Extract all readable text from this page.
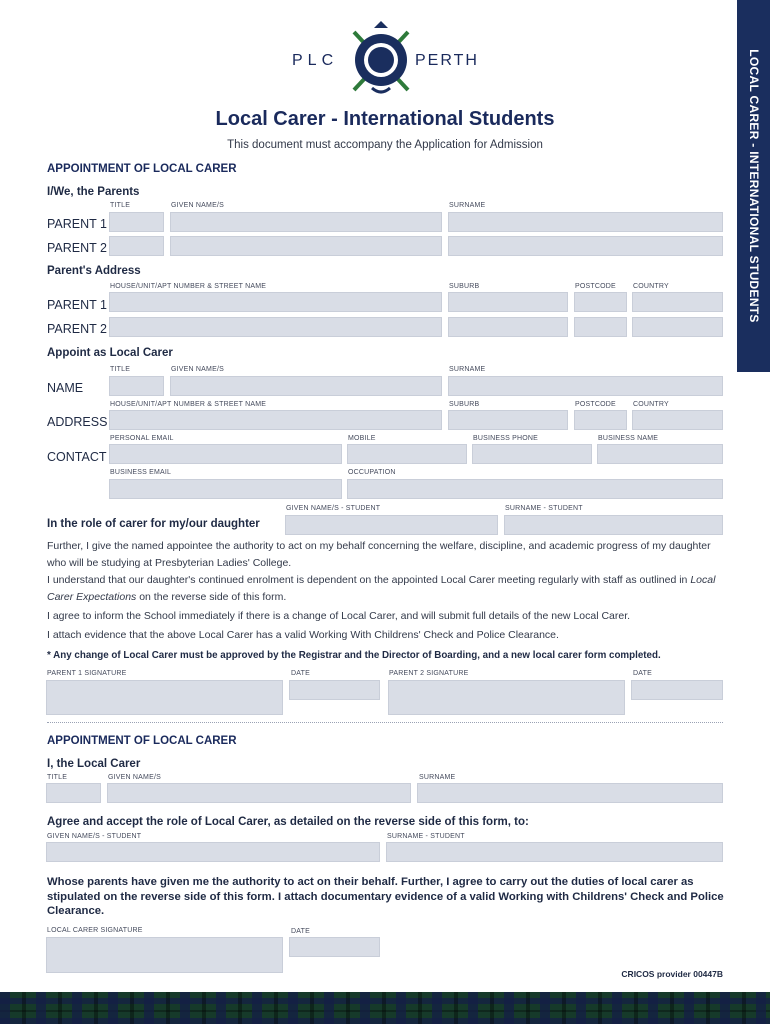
LOCAL CARER - INTERNATIONAL STUDENTS
PLC	PERTH
Local Carer - International Students
This document must accompany the Application for Admission
APPOINTMENT OF LOCAL CARER
I/We, the Parents
TITLE	GIVEN NAME/S	SURNAME
PARENT 1
PARENT 2
Parent's Address
HOUSE/UNIT/APT NUMBER & STREET NAME	SUBURB	POSTCODE COUNTRY
PARENT 1
PARENT 2
Appoint as Local Carer
TITLE	GIVEN NAME/S	SURNAME
NAME
HOUSE/UNIT/APT NUMBER & STREET NAME	SUBURB	POSTCODE COUNTRY
ADDRESS
PERSONAL EMAIL	MOBILE	BUSINESS PHONE	BUSINESS NAME
CONTACT
BUSINESS EMAIL	OCCUPATION
GIVEN NAME/S - STUDENT	SURNAME - STUDENT
In the role of carer for my/our daughter
Further, I give the named appointee the authority to act on my behalf concerning the welfare, discipline, and academic progress of my daughter who will be studying at Presbyterian Ladies' College.
I understand that our daughter's continued enrolment is dependent on the appointed Local Carer meeting regularly with staff as outlined in Local Carer Expectations on the reverse side of this form.
I agree to inform the School immediately if there is a change of Local Carer, and will submit full details of the new Local Carer.
I attach evidence that the above Local Carer has a valid Working With Childrens' Check and Police Clearance.
* Any change of Local Carer must be approved by the Registrar and the Director of Boarding, and a new local carer form completed.
PARENT 1 SIGNATURE	DATE	PARENT 2 SIGNATURE	DATE
APPOINTMENT OF LOCAL CARER
I, the Local Carer
TITLE	GIVEN NAME/S	SURNAME
Agree and accept the role of Local Carer, as detailed on the reverse side of this form, to:
GIVEN NAME/S - STUDENT	SURNAME - STUDENT
Whose parents have given me the authority to act on their behalf. Further, I agree to carry out the duties of local carer as stipulated on the reverse side of this form. I attach documentary evidence of a valid Working with Childrens' Check and Police Clearance.
LOCAL CARER SIGNATURE	DATE
CRICOS provider 00447B
